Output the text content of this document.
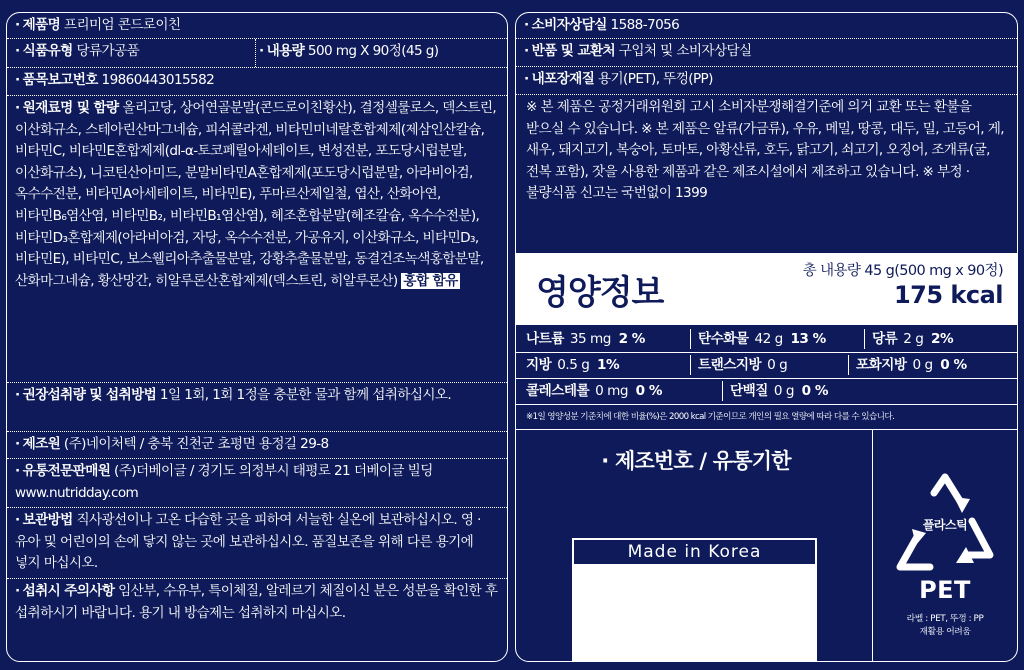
· 제품명 프리미엄 콘드로이친
· 식품유형 당류가공품	· 내용량 500 mg X 90정(45 g)
· 품목보고번호 19860443015582
· 원재료명 및 함량 올리고당, 상어연골분말(콘드로이친황산), 결정셀룰로스, 덱스트린, 이산화규소, 스테아린산마그네슘, 피쉬콜라겐, 비타민미네랄혼합제제(제삼인산칼슘, 비타민C, 비타민E혼합제제(dl-α-토코페릴아세테이트, 변성전분, 포도당시럽분말, 이산화규소), 니코틴산아미드, 분말비타민A혼합제제(포도당시럽분말, 아라비아검, 옥수수전분, 비타민A아세테이트, 비타민E), 푸마르산제일철, 엽산, 산화아연, 비타민B₆염산염, 비타민B₂, 비타민B₁염산염), 헤조혼합분말(헤조칼슘, 옥수수전분), 비타민D₃혼합제제(아라비아검, 자당, 옥수수전분, 가공유지, 이산화규소, 비타민D₃, 비타민E), 비타민C, 보스웰리아추출물분말, 강황추출물분말, 동결건조녹색홍합분말, 산화마그네슘, 황산망간, 히알루론산혼합제제(덱스트린, 히알루론산) 홍합 함유
· 권장섭취량 및 섭취방법 1일 1회, 1회 1정을 충분한 물과 함께 섭취하십시오.
· 제조원 (주)네이처텍 / 충북 진천군 초평면 용정길 29-8
· 유통전문판매원 (주)더베이글 / 경기도 의정부시 태평로 21 더베이글 빌딩 www.nutridday.com
· 보관방법 직사광선이나 고온 다습한 곳을 피하여 서늘한 실온에 보관하십시오. 영 · 유아 및 어린이의 손에 닿지 않는 곳에 보관하십시오. 품질보존을 위해 다른 용기에 넣지 마십시오.
· 섭취시 주의사항 임산부, 수유부, 특이체질, 알레르기 체질이신 분은 성분을 확인한 후 섭취하시기 바랍니다. 용기 내 방습제는 섭취하지 마십시오.
· 소비자상담실 1588-7056
· 반품 및 교환처 구입처 및 소비자상담실
· 내포장재질 용기(PET), 뚜껑(PP)
※ 본 제품은 공정거래위원회 고시 소비자분쟁해결기준에 의거 교환 또는 환불을 받으실 수 있습니다. ※ 본 제품은 알류(가금류), 우유, 메밀, 땅콩, 대두, 밀, 고등어, 게, 새우, 돼지고기, 복숭아, 토마토, 아황산류, 호두, 닭고기, 쇠고기, 오징어, 조개류(굴, 전복 포함), 잣을 사용한 제품과 같은 제조시설에서 제조하고 있습니다. ※ 부정 · 불량식품 신고는 국번없이 1399
영양정보
총 내용량 45 g(500 mg x 90정)
175 kcal
나트륨 35 mg 2 %	탄수화물 42 g 13 %	당류 2 g 2%
지방 0.5 g 1%	트랜스지방 0 g	포화지방 0 g 0 %
콜레스테롤 0 mg 0 %	단백질 0 g 0 %
※1일 영양성분 기준치에 대한 비율(%)은 2000 kcal 기준이므로 개인의 필요 열량에 따라 다를 수 있습니다.
· 제조번호 / 유통기한
Made in Korea
플라스틱
PET
라벨 : PET, 뚜껑 : PP
재활용 어려움
